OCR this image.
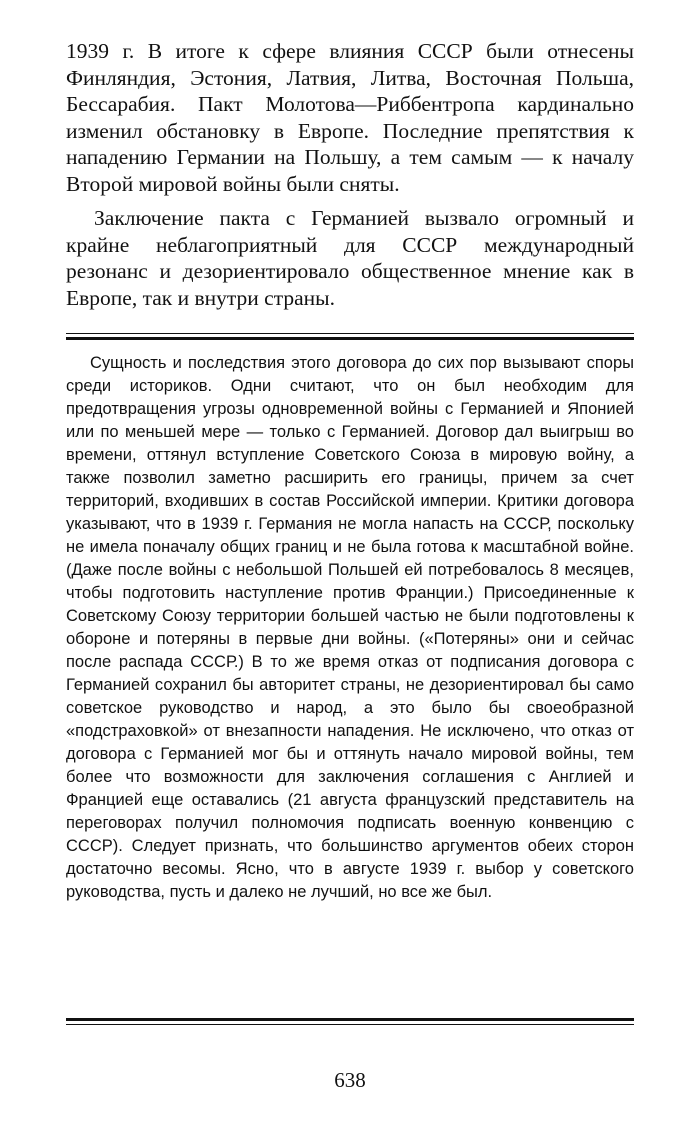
1939 г. В итоге к сфере влияния СССР были отнесены Финляндия, Эстония, Латвия, Литва, Восточная Польша, Бессарабия. Пакт Молотова—Риббентропа кардинально изменил обстановку в Европе. Последние препятствия к нападению Германии на Польшу, а тем самым — к началу Второй мировой войны были сняты.

Заключение пакта с Германией вызвало огромный и крайне неблагоприятный для СССР международный резонанс и дезориентировало общественное мнение как в Европе, так и внутри страны.

Сущность и последствия этого договора до сих пор вызывают споры среди историков. Одни считают, что он был необходим для предотвращения угрозы одновременной войны с Германией и Японией или по меньшей мере — только с Германией. Договор дал выигрыш во времени, оттянул вступление Советского Союза в мировую войну, а также позволил заметно расширить его границы, причем за счет территорий, входивших в состав Российской империи. Критики договора указывают, что в 1939 г. Германия не могла напасть на СССР, поскольку не имела поначалу общих границ и не была готова к масштабной войне. (Даже после войны с небольшой Польшей ей потребовалось 8 месяцев, чтобы подготовить наступление против Франции.) Присоединенные к Советскому Союзу территории большей частью не были подготовлены к обороне и потеряны в первые дни войны. («Потеряны» они и сейчас после распада СССР.) В то же время отказ от подписания договора с Германией сохранил бы авторитет страны, не дезориентировал бы само советское руководство и народ, а это было бы своеобразной «подстраховкой» от внезапности нападения. Не исключено, что отказ от договора с Германией мог бы и оттянуть начало мировой войны, тем более что возможности для заключения соглашения с Англией и Францией еще оставались (21 августа французский представитель на переговорах получил полномочия подписать военную конвенцию с СССР). Следует признать, что большинство аргументов обеих сторон достаточно весомы. Ясно, что в августе 1939 г. выбор у советского руководства, пусть и далеко не лучший, но все же был.
638
